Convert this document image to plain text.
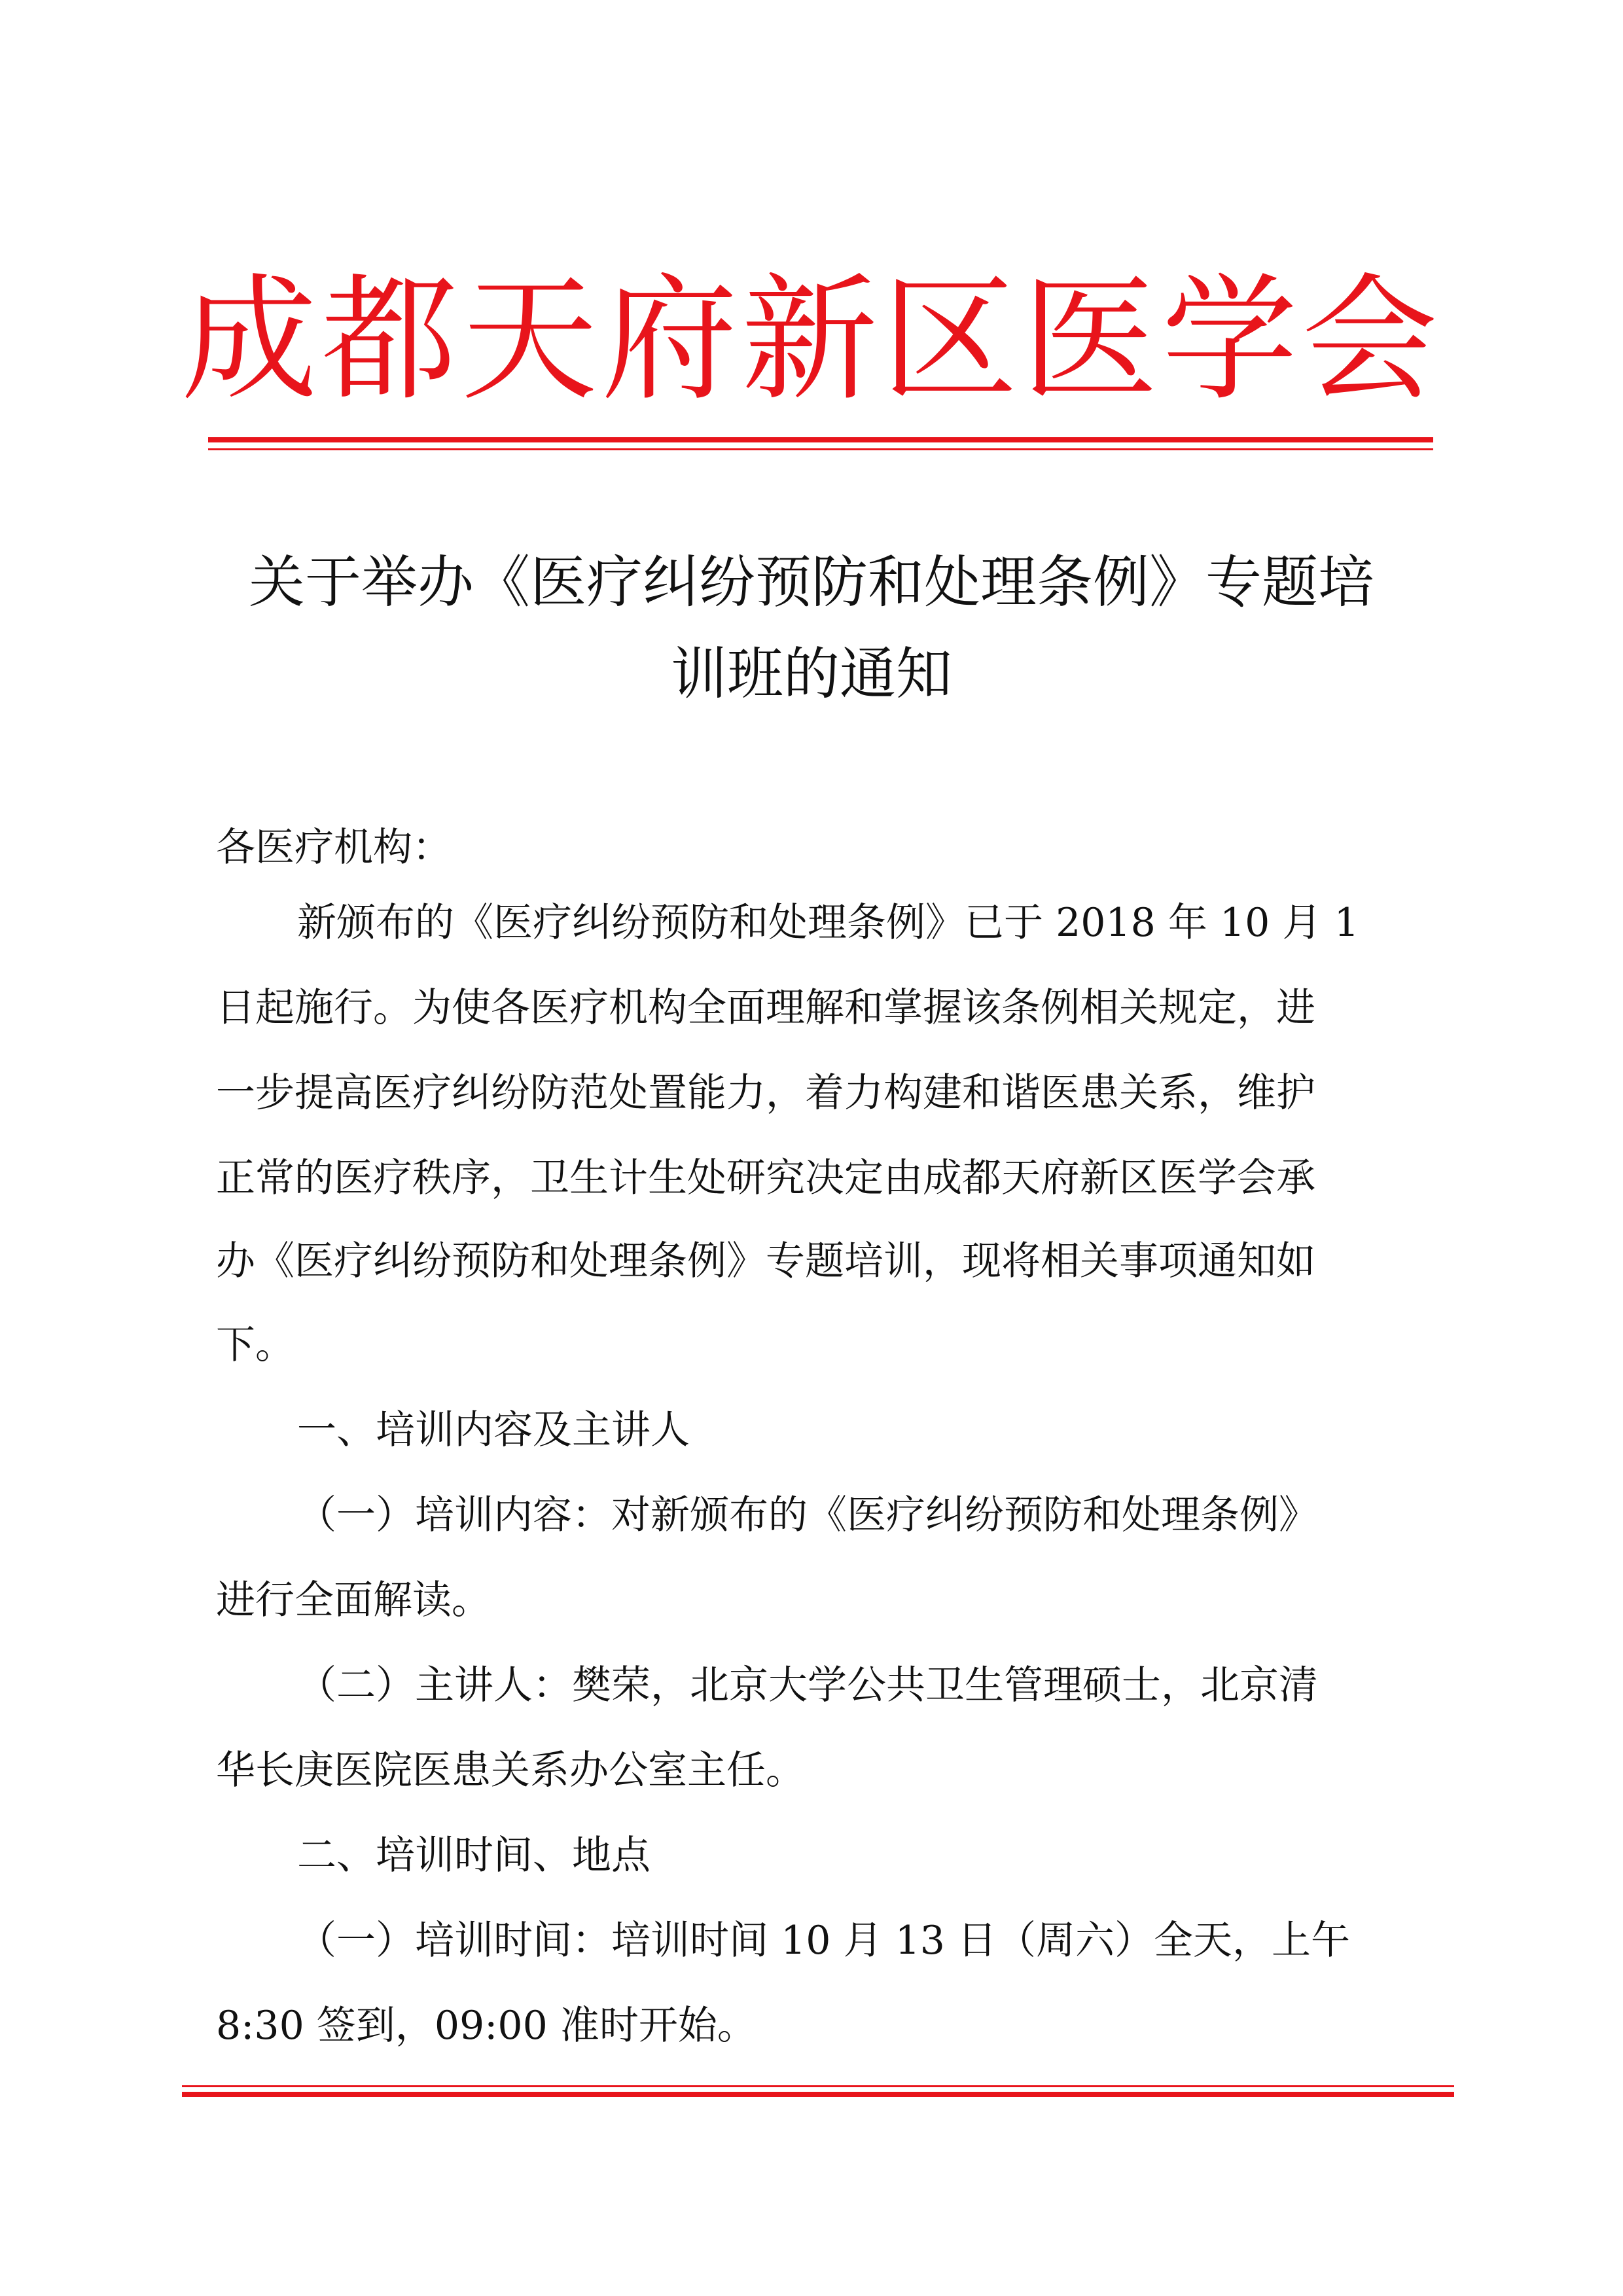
成都天府新区医学会
关于举办《医疗纠纷预防和处理条例》专题培
训班的通知
各医疗机构：
新颁布的《医疗纠纷预防和处理条例》已于 2018 年 10 月 1
日起施行。为使各医疗机构全面理解和掌握该条例相关规定，进
一步提高医疗纠纷防范处置能力，着力构建和谐医患关系，维护
正常的医疗秩序，卫生计生处研究决定由成都天府新区医学会承
办《医疗纠纷预防和处理条例》专题培训，现将相关事项通知如
下。
一、培训内容及主讲人
（一）培训内容：对新颁布的《医疗纠纷预防和处理条例》
进行全面解读。
（二）主讲人：樊荣，北京大学公共卫生管理硕士，北京清
华长庚医院医患关系办公室主任。
二、培训时间、地点
（一）培训时间：培训时间 10 月 13 日（周六）全天，上午
8:30 签到，09:00 准时开始。
